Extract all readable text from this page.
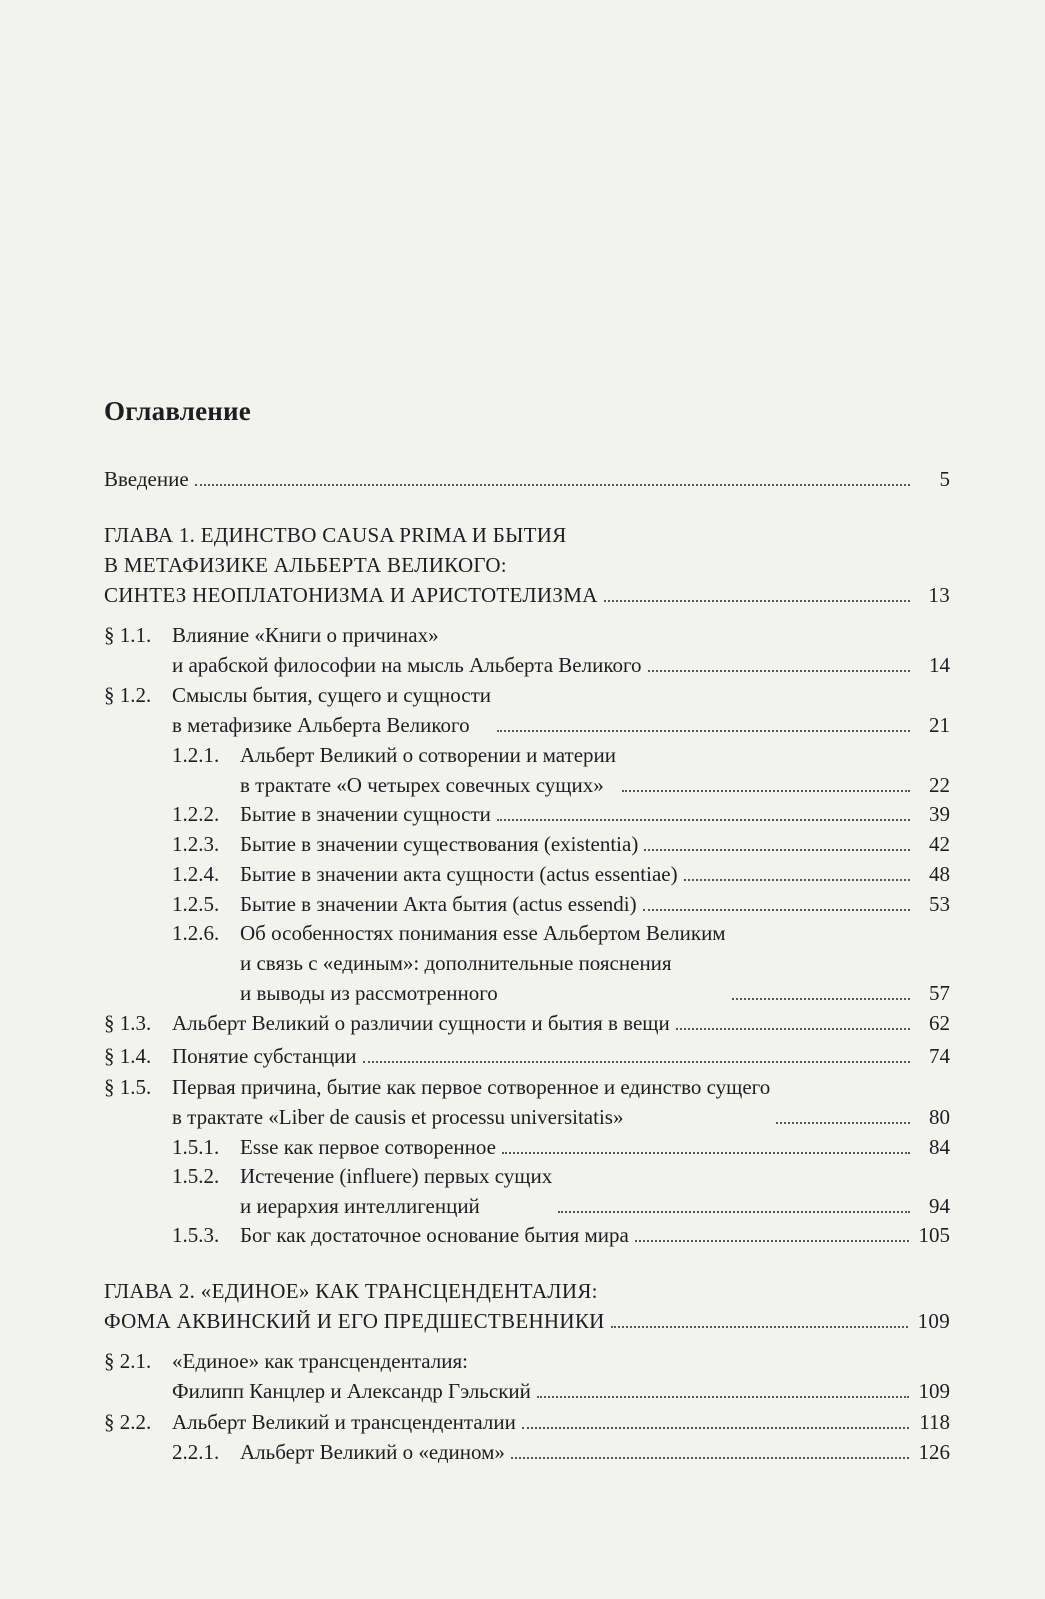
Оглавление
Введение	5
ГЛАВА 1. ЕДИНСТВО CAUSA PRIMA И БЫТИЯ
В МЕТАФИЗИКЕ АЛЬБЕРТА ВЕЛИКОГО:
СИНТЕЗ НЕОПЛАТОНИЗМА И АРИСТОТЕЛИЗМА	13
§ 1.1. Влияние «Книги о причинах»
и арабской философии на мысль Альберта Великого	14
§ 1.2. Смыслы бытия, сущего и сущности
в метафизике Альберта Великого	21
1.2.1. Альберт Великий о сотворении и материи
в трактате «О четырех совечных сущих»	22
1.2.2. Бытие в значении сущности	39
1.2.3. Бытие в значении существования (existentia)	42
1.2.4. Бытие в значении акта сущности (actus essentiae)	48
1.2.5. Бытие в значении Акта бытия (actus essendi)	53
1.2.6. Об особенностях понимания esse Альбертом Великим
и связь с «единым»: дополнительные пояснения
и выводы из рассмотренного	57
§ 1.3. Альберт Великий о различии сущности и бытия в вещи	62
§ 1.4. Понятие субстанции	74
§ 1.5. Первая причина, бытие как первое сотворенное и единство сущего
в трактате «Liber de causis et processu universitatis»	80
1.5.1. Esse как первое сотворенное	84
1.5.2. Истечение (influere) первых сущих
и иерархия интеллигенций	94
1.5.3. Бог как достаточное основание бытия мира	105
ГЛАВА 2. «ЕДИНОЕ» КАК ТРАНСЦЕНДЕНТАЛИЯ:
ФОМА АКВИНСКИЙ И ЕГО ПРЕДШЕСТВЕННИКИ	109
§ 2.1. «Единое» как трансценденталия:
Филипп Канцлер и Александр Гэльский	109
§ 2.2. Альберт Великий и трансценденталии	118
2.2.1. Альберт Великий о «едином»	126
